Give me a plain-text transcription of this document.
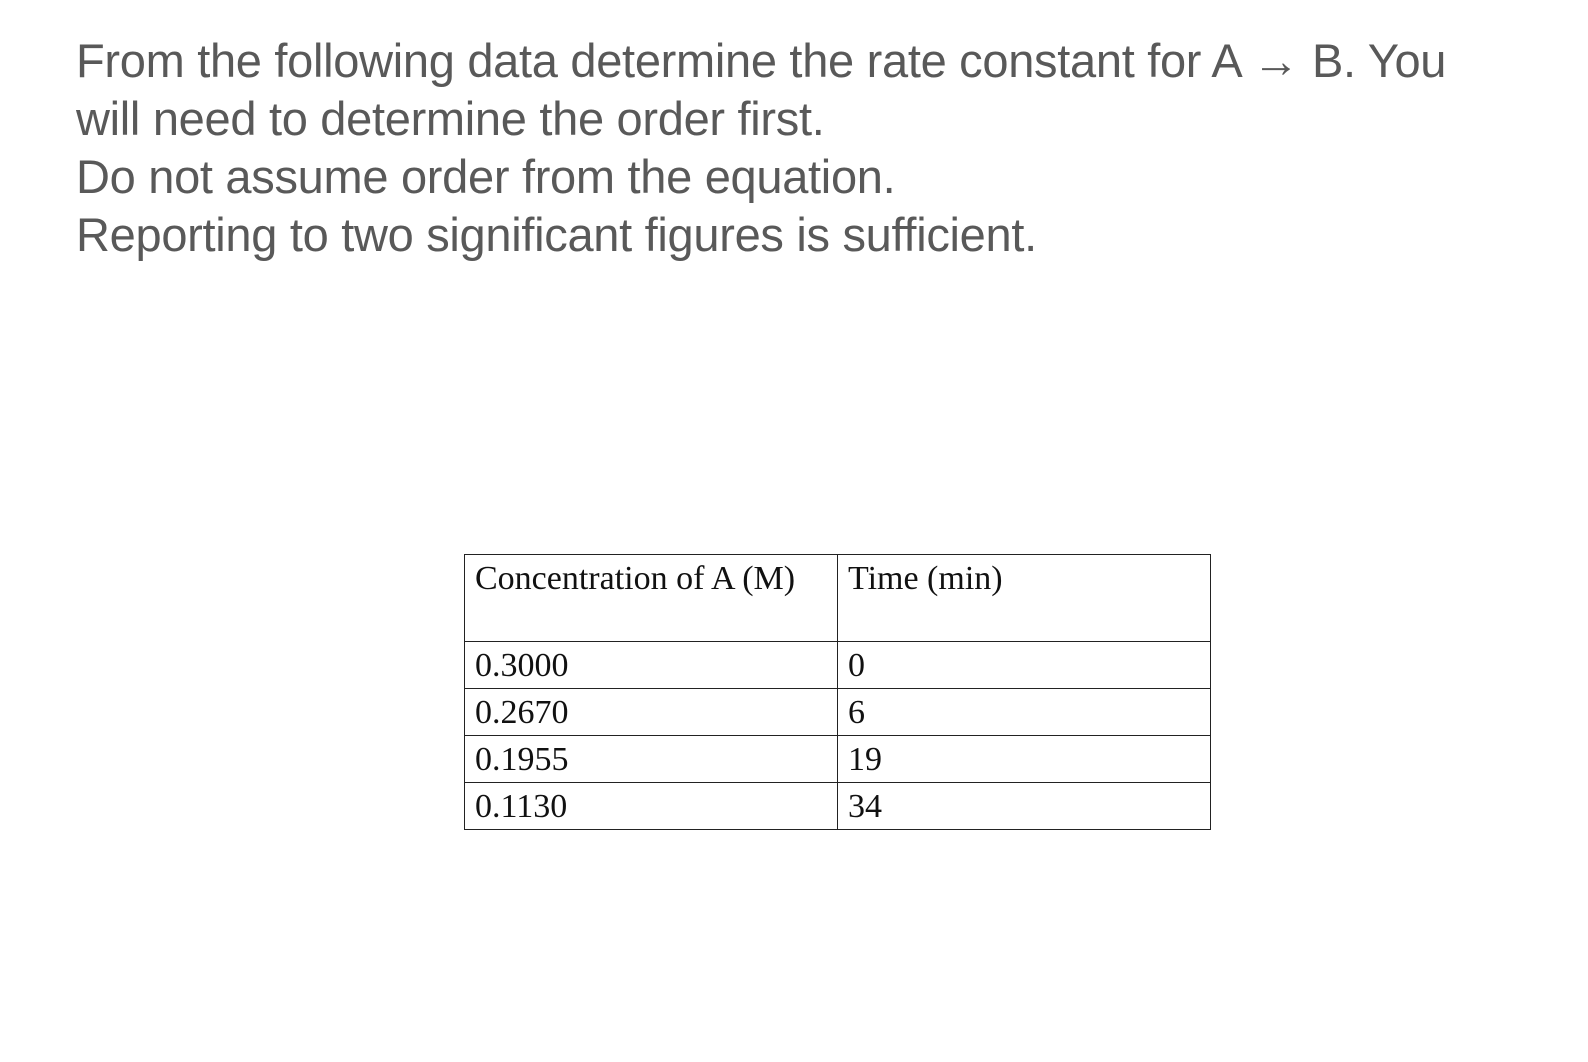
From the following data determine the rate constant for A → B. You
will need to determine the order first.
Do not assume order from the equation.
Reporting to two significant figures is sufficient.
Concentration of A (M)	Time (min)

0.3000	0
0.2670	6
0.1955	19
0.1130	34
